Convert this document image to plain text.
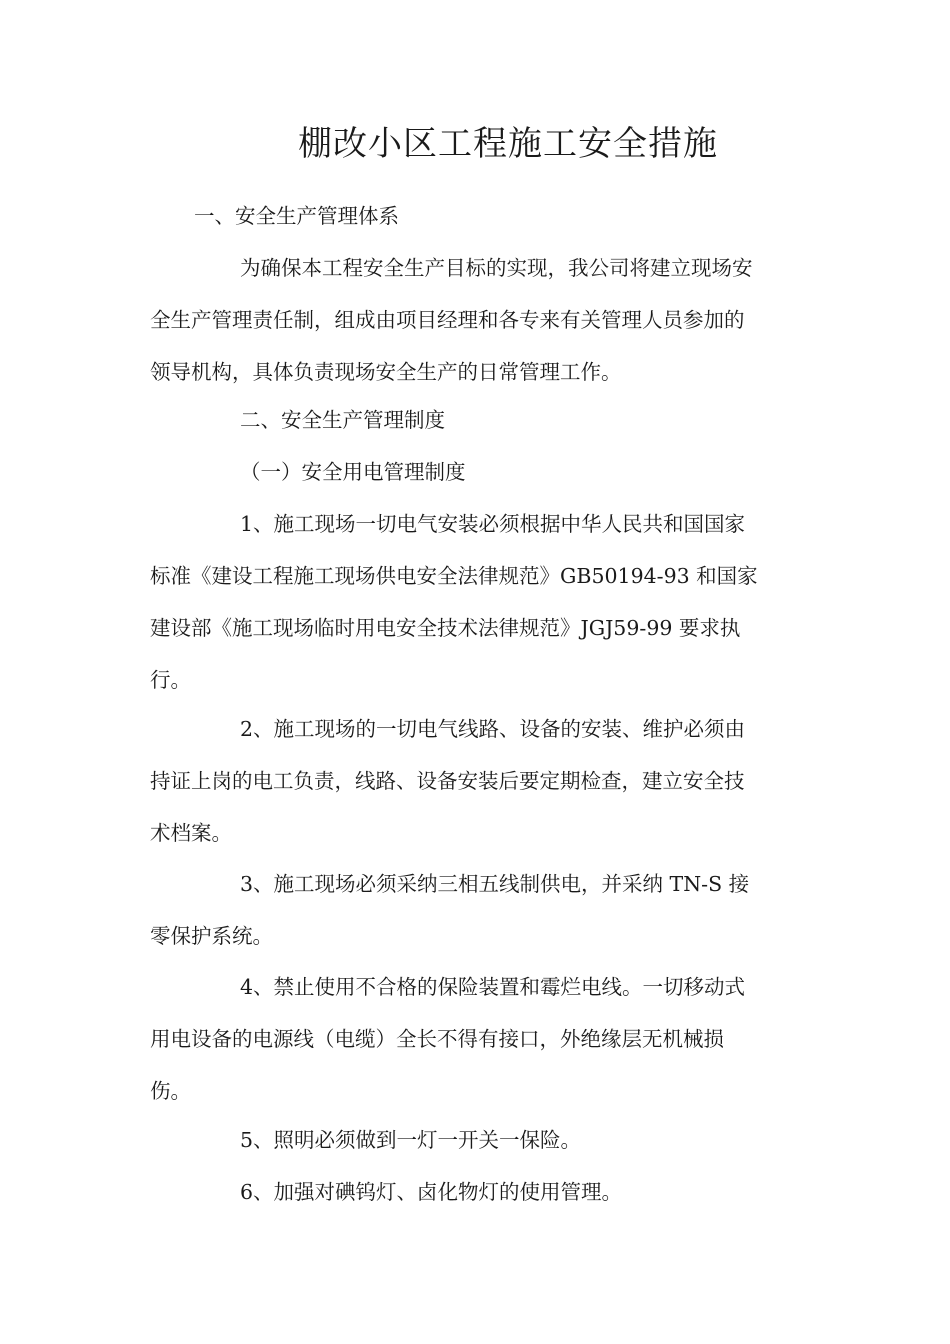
棚改小区工程施工安全措施
一、安全生产管理体系
为确保本工程安全生产目标的实现，我公司将建立现场安
全生产管理责任制，组成由项目经理和各专来有关管理人员参加的
领导机构，具体负责现场安全生产的日常管理工作。
二、安全生产管理制度
（一）安全用电管理制度
1、施工现场一切电气安装必须根据中华人民共和国国家
标准《建设工程施工现场供电安全法律规范》GB50194-93 和国家
建设部《施工现场临时用电安全技术法律规范》JGJ59-99 要求执
行。
2、施工现场的一切电气线路、设备的安装、维护必须由
持证上岗的电工负责，线路、设备安装后要定期检查，建立安全技
术档案。
3、施工现场必须采纳三相五线制供电，并采纳 TN-S 接
零保护系统。
4、禁止使用不合格的保险装置和霉烂电线。一切移动式
用电设备的电源线（电缆）全长不得有接口，外绝缘层无机械损
伤。
5、照明必须做到一灯一开关一保险。
6、加强对碘钨灯、卤化物灯的使用管理。
